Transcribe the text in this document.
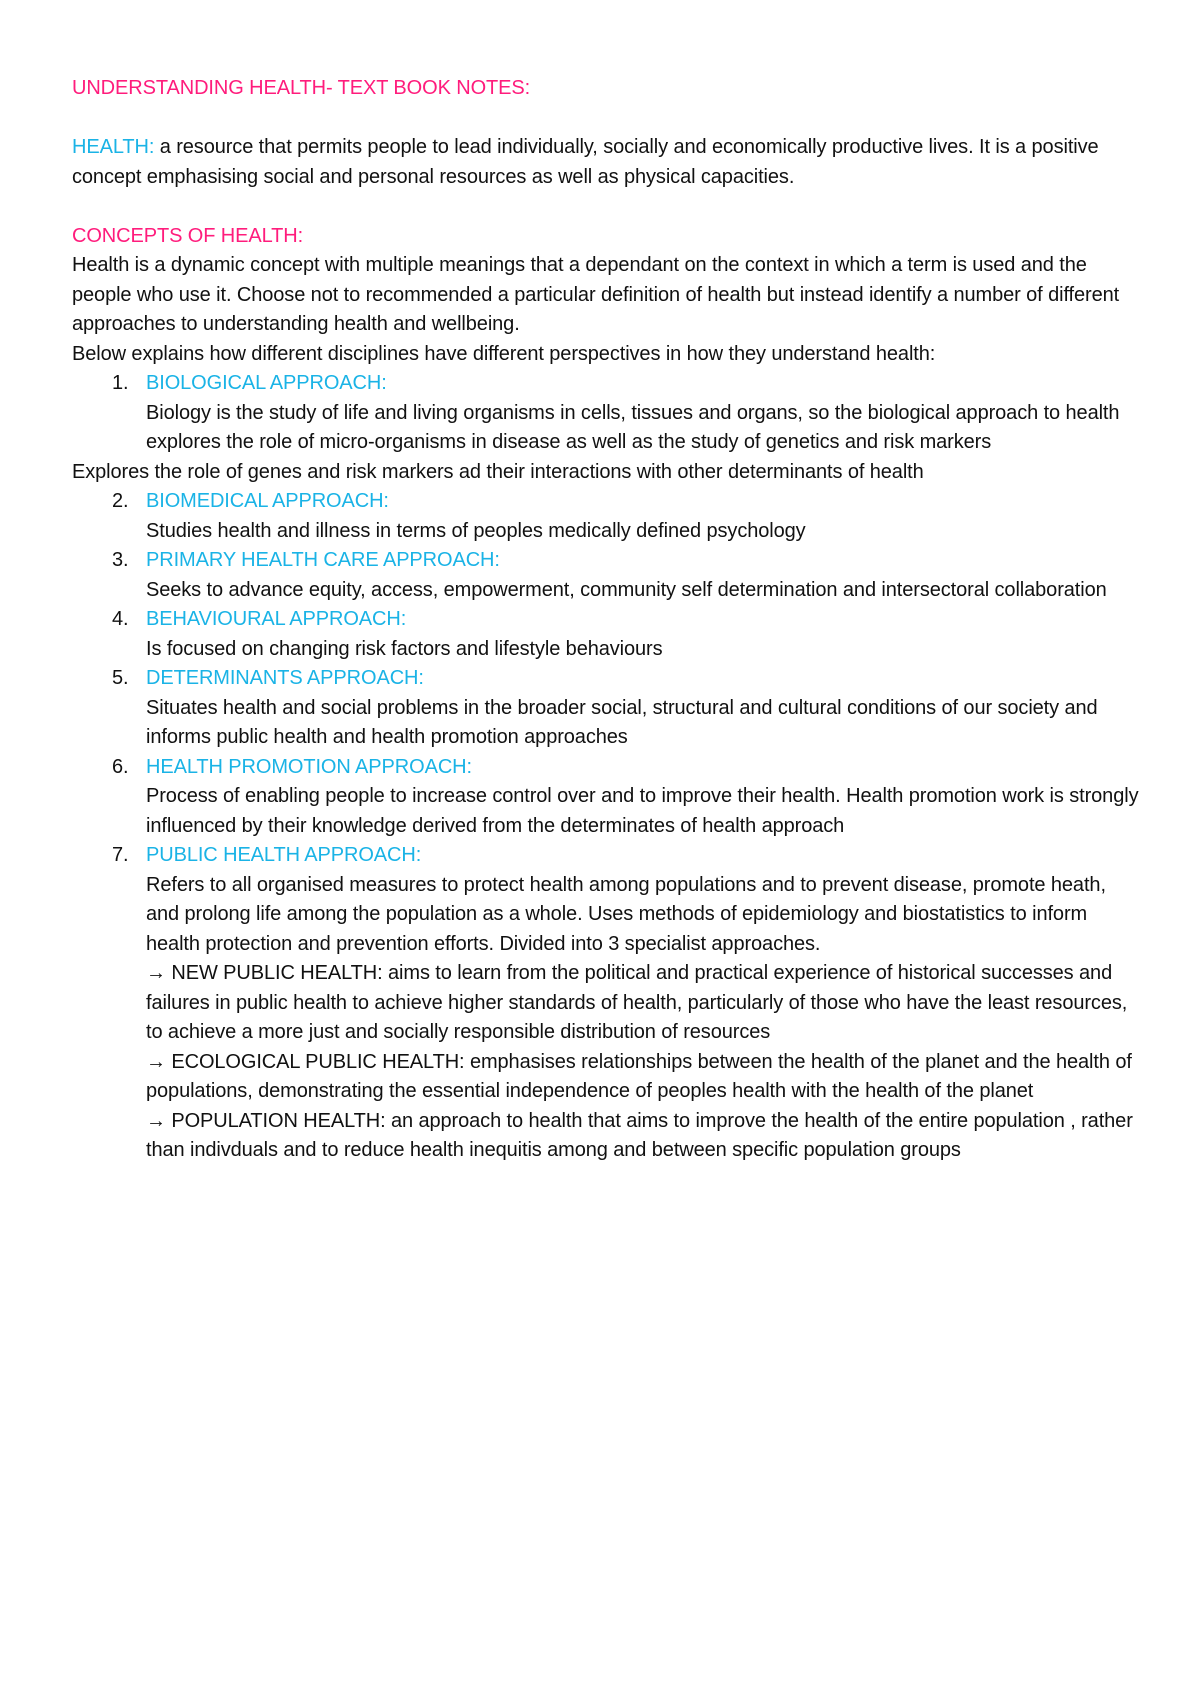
UNDERSTANDING HEALTH- TEXT BOOK NOTES:

HEALTH: a resource that permits people to lead individually, socially and economically productive lives. It is a positive concept emphasising social and personal resources as well as physical capacities.

CONCEPTS OF HEALTH:

Health is a dynamic concept with multiple meanings that a dependant on the context in which a term is used and the people who use it. Choose not to recommended a particular definition of health but instead identify a number of different approaches to understanding health and wellbeing.

Below explains how different disciplines have different perspectives in how they understand health:

1. BIOLOGICAL APPROACH:

Biology is the study of life and living organisms in cells, tissues and organs, so the biological approach to health explores the role of micro-organisms in disease as well as the study of genetics and risk markers

Explores the role of genes and risk markers ad their interactions with other determinants of health

2. BIOMEDICAL APPROACH:

Studies health and illness in terms of peoples medically defined psychology

3. PRIMARY HEALTH CARE APPROACH:

Seeks to advance equity, access, empowerment, community self determination and intersectoral collaboration

4. BEHAVIOURAL APPROACH:

Is focused on changing risk factors and lifestyle behaviours

5. DETERMINANTS APPROACH:

Situates health and social problems in the broader social, structural and cultural conditions of our society and informs public health and health promotion approaches

6. HEALTH PROMOTION APPROACH:

Process of enabling people to increase control over and to improve their health. Health promotion work is strongly influenced by their knowledge derived from the determinates of health approach

7. PUBLIC HEALTH APPROACH:

Refers to all organised measures to protect health among populations and to prevent disease, promote heath, and prolong life among the population as a whole. Uses methods of epidemiology and biostatistics to inform health protection and prevention efforts. Divided into 3 specialist approaches.

→ NEW PUBLIC HEALTH: aims to learn from the political and practical experience of historical successes and failures in public health to achieve higher standards of health, particularly of those who have the least resources, to achieve a more just and socially responsible distribution of resources

→ ECOLOGICAL PUBLIC HEALTH: emphasises relationships between the health of the planet and the health of populations, demonstrating the essential independence of peoples health with the health of the planet

→ POPULATION HEALTH: an approach to health that aims to improve the health of the entire population , rather than indivduals and to reduce health inequitis among and between specific population groups
